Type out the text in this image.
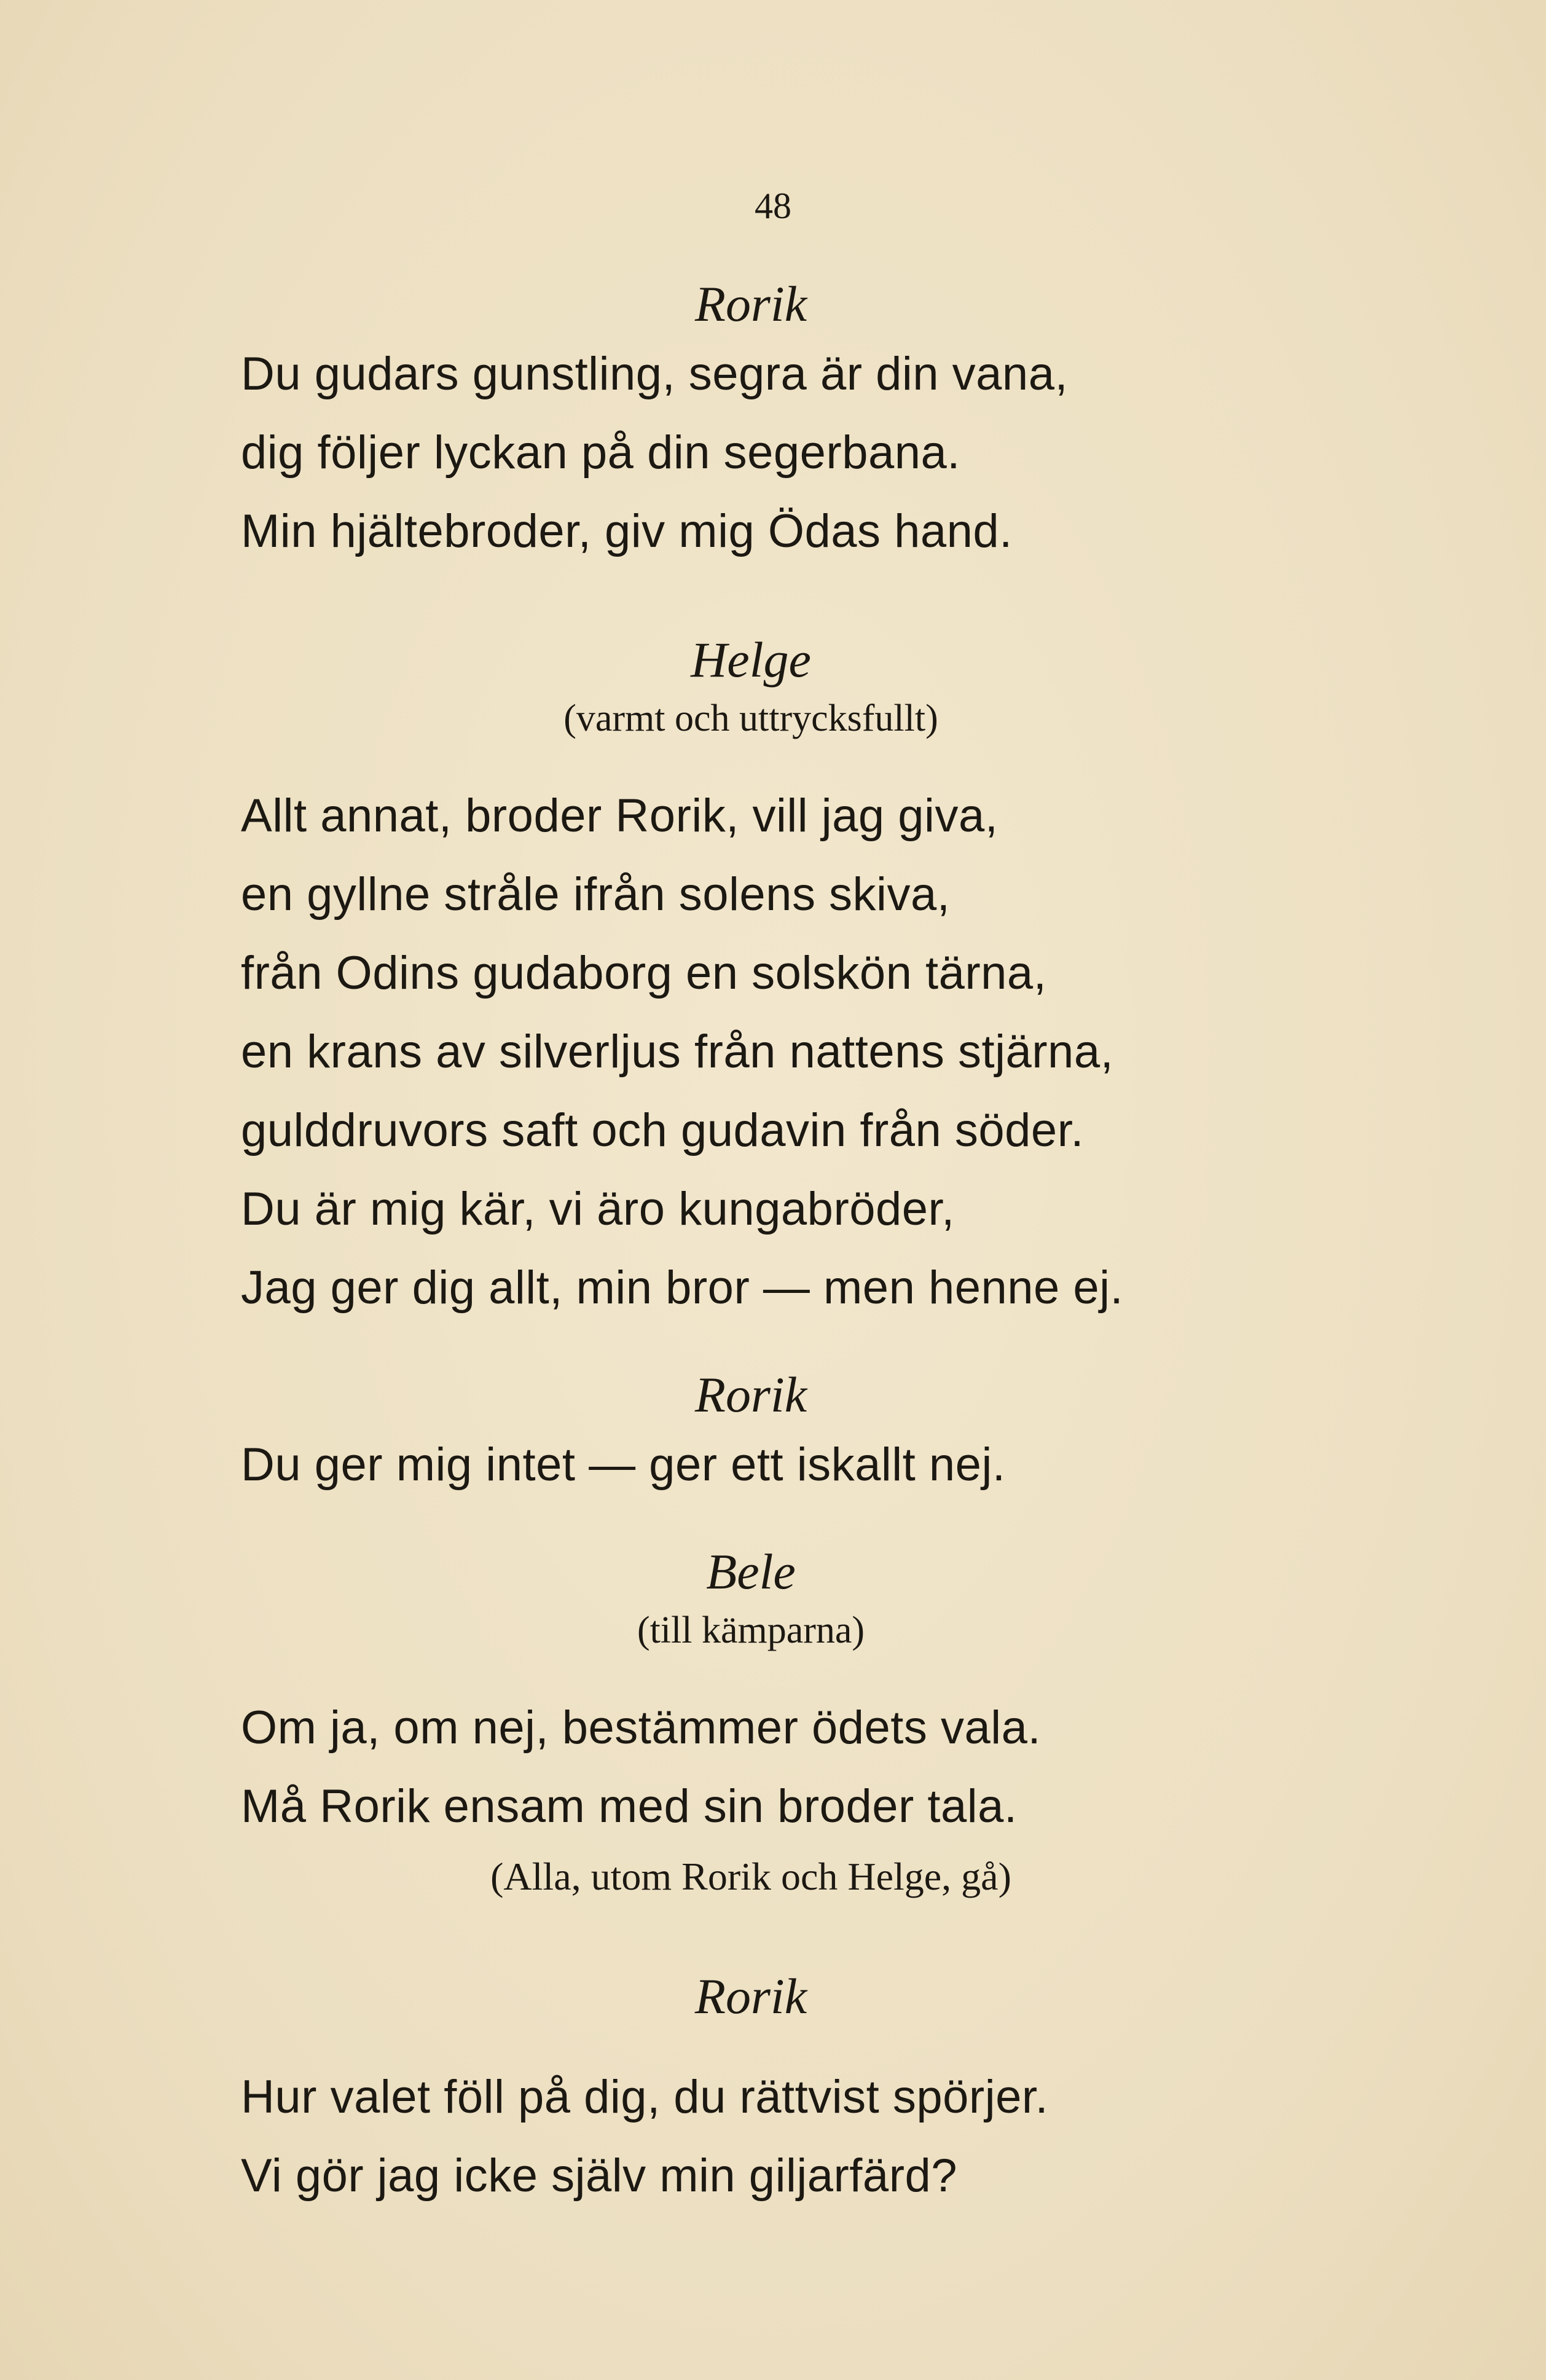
48
Rorik
Du gudars gunstling, segra är din vana,
dig följer lyckan på din segerbana.
Min hjältebroder, giv mig Ödas hand.
Helge
(varmt och uttrycksfullt)
Allt annat, broder Rorik, vill jag giva,
en gyllne stråle ifrån solens skiva,
från Odins gudaborg en solskön tärna,
en krans av silverljus från nattens stjärna,
gulddruvors saft och gudavin från söder.
Du är mig kär, vi äro kungabröder,
Jag ger dig allt, min bror — men henne ej.
Rorik
Du ger mig intet — ger ett iskallt nej.
Bele
(till kämparna)
Om ja, om nej, bestämmer ödets vala.
Må Rorik ensam med sin broder tala.
(Alla, utom Rorik och Helge, gå)
Rorik
Hur valet föll på dig, du rättvist spörjer.
Vi gör jag icke själv min giljarfärd?
